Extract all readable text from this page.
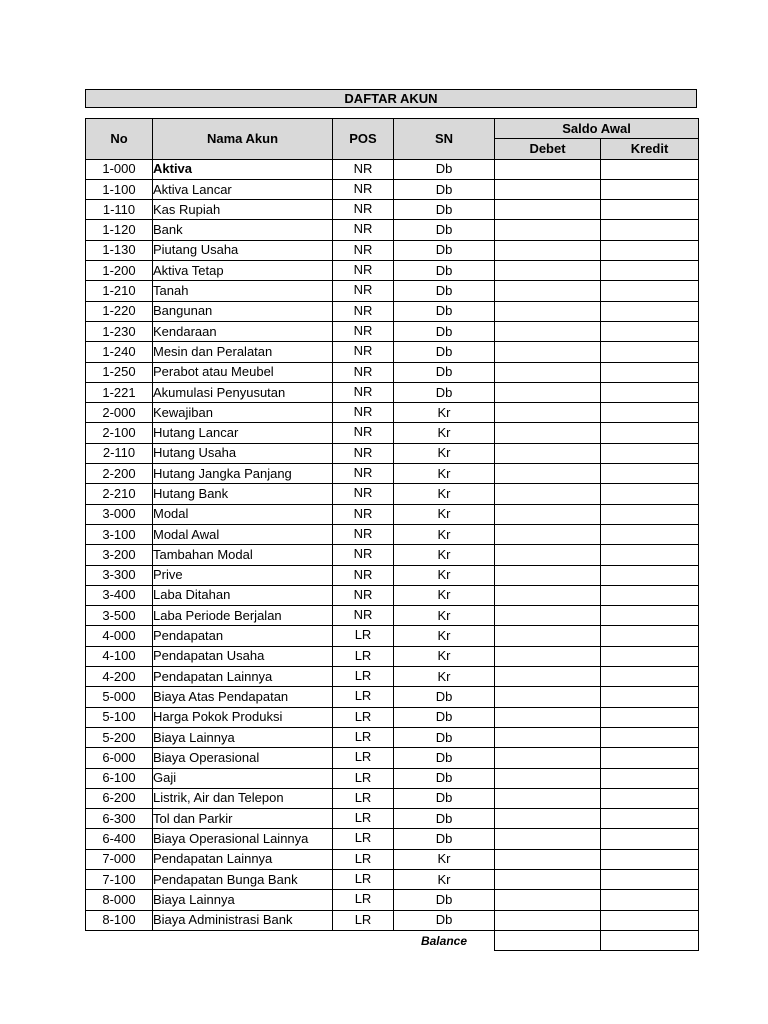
DAFTAR AKUN
No	Nama Akun	POS	SN	Saldo Awal	
				Debet	Kredit
1-000	Aktiva	NR	Db		
1-100	Aktiva Lancar	NR	Db		
1-110	Kas Rupiah	NR	Db		
1-120	Bank	NR	Db		
1-130	Piutang Usaha	NR	Db		
1-200	Aktiva Tetap	NR	Db		
1-210	Tanah	NR	Db		
1-220	Bangunan	NR	Db		
1-230	Kendaraan	NR	Db		
1-240	Mesin dan Peralatan	NR	Db		
1-250	Perabot atau Meubel	NR	Db		
1-221	Akumulasi Penyusutan	NR	Db		
2-000	Kewajiban	NR	Kr		
2-100	Hutang Lancar	NR	Kr		
2-110	Hutang Usaha	NR	Kr		
2-200	Hutang Jangka Panjang	NR	Kr		
2-210	Hutang Bank	NR	Kr		
3-000	Modal	NR	Kr		
3-100	Modal Awal	NR	Kr		
3-200	Tambahan Modal	NR	Kr		
3-300	Prive	NR	Kr		
3-400	Laba Ditahan	NR	Kr		
3-500	Laba Periode Berjalan	NR	Kr		
4-000	Pendapatan	LR	Kr		
4-100	Pendapatan Usaha	LR	Kr		
4-200	Pendapatan Lainnya	LR	Kr		
5-000	Biaya Atas Pendapatan	LR	Db		
5-100	Harga Pokok Produksi	LR	Db		
5-200	Biaya Lainnya	LR	Db		
6-000	Biaya Operasional	LR	Db		
6-100	Gaji	LR	Db		
6-200	Listrik, Air dan Telepon	LR	Db		
6-300	Tol dan Parkir	LR	Db		
6-400	Biaya Operasional Lainnya	LR	Db		
7-000	Pendapatan Lainnya	LR	Kr		
7-100	Pendapatan Bunga Bank	LR	Kr		
8-000	Biaya Lainnya	LR	Db		
8-100	Biaya Administrasi Bank	LR	Db		
		Balance			
